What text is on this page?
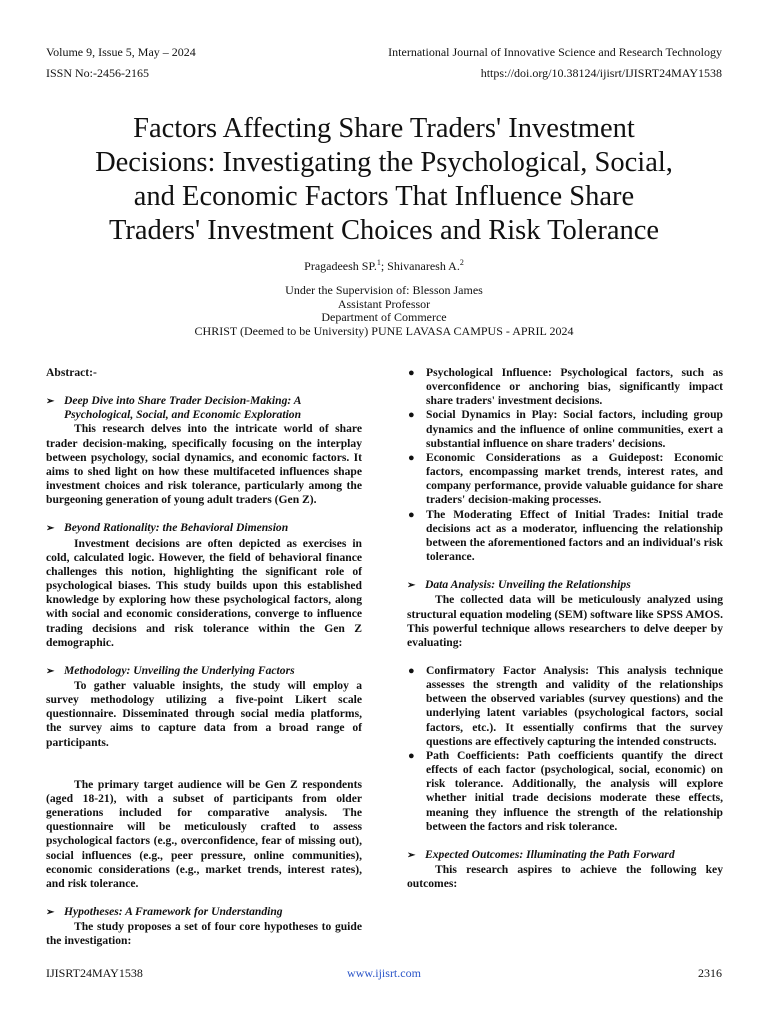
Volume 9, Issue 5, May – 2024
ISSN No:-2456-2165
International Journal of Innovative Science and Research Technology
https://doi.org/10.38124/ijisrt/IJISRT24MAY1538
Factors Affecting Share Traders' Investment
Decisions: Investigating the Psychological, Social,
and Economic Factors That Influence Share
Traders' Investment Choices and Risk Tolerance
Pragadeesh SP.$^1$; Shivanaresh A.$^2$
Under the Supervision of: Blesson James
Assistant Professor
Department of Commerce
CHRIST (Deemed to be University) PUNE LAVASA CAMPUS - APRIL 2024
Abstract:-
➢ Deep Dive into Share Trader Decision-Making: A Psychological, Social, and Economic Exploration

This research delves into the intricate world of share trader decision-making, specifically focusing on the interplay between psychology, social dynamics, and economic factors. It aims to shed light on how these multifaceted influences shape investment choices and risk tolerance, particularly among the burgeoning generation of young adult traders (Gen Z).

➢ Beyond Rationality: the Behavioral Dimension

Investment decisions are often depicted as exercises in cold, calculated logic. However, the field of behavioral finance challenges this notion, highlighting the significant role of psychological biases. This study builds upon this established knowledge by exploring how these psychological factors, along with social and economic considerations, converge to influence trading decisions and risk tolerance within the Gen Z demographic.

➢ Methodology: Unveiling the Underlying Factors

To gather valuable insights, the study will employ a survey methodology utilizing a five-point Likert scale questionnaire. Disseminated through social media platforms, the survey aims to capture data from a broad range of participants.

The primary target audience will be Gen Z respondents (aged 18-21), with a subset of participants from older generations included for comparative analysis. The questionnaire will be meticulously crafted to assess psychological factors (e.g., overconfidence, fear of missing out), social influences (e.g., peer pressure, online communities), economic considerations (e.g., market trends, interest rates), and risk tolerance.

➢ Hypotheses: A Framework for Understanding

The study proposes a set of four core hypotheses to guide the investigation:

● Psychological Influence: Psychological factors, such as overconfidence or anchoring bias, significantly impact share traders' investment decisions.
● Social Dynamics in Play: Social factors, including group dynamics and the influence of online communities, exert a substantial influence on share traders' decisions.
● Economic Considerations as a Guidepost: Economic factors, encompassing market trends, interest rates, and company performance, provide valuable guidance for share traders' decision-making processes.
● The Moderating Effect of Initial Trades: Initial trade decisions act as a moderator, influencing the relationship between the aforementioned factors and an individual's risk tolerance.
➢ Data Analysis: Unveiling the Relationships

The collected data will be meticulously analyzed using structural equation modeling (SEM) software like SPSS AMOS. This powerful technique allows researchers to delve deeper by evaluating:

● Confirmatory Factor Analysis: This analysis technique assesses the strength and validity of the relationships between the observed variables (survey questions) and the underlying latent variables (psychological factors, social factors, etc.). It essentially confirms that the survey questions are effectively capturing the intended constructs.
● Path Coefficients: Path coefficients quantify the direct effects of each factor (psychological, social, economic) on risk tolerance. Additionally, the analysis will explore whether initial trade decisions moderate these effects, meaning they influence the strength of the relationship between the factors and risk tolerance.
➢ Expected Outcomes: Illuminating the Path Forward

This research aspires to achieve the following key outcomes:

IJISRT24MAY1538	www.ijisrt.com	2316
